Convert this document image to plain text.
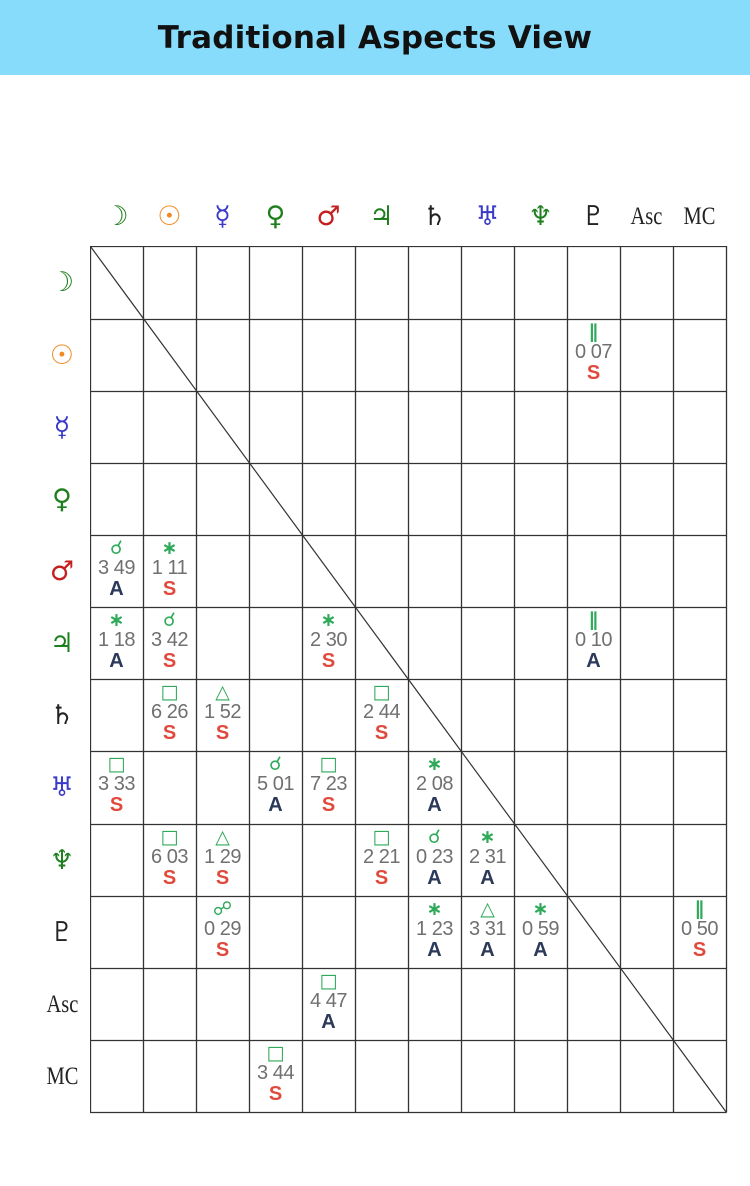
Traditional Aspects View
☽ ☉ ☿ ♀ ♂ ♃ ♄ ♅ ♆ ♇ Asc MC
☽
☉
☿
♀
♂
♃
♄
♅
♆
♇
Asc
MC
∥
0 07
S
☌
3 49
A
∗
1 11
S
∗
1 18
A
☌
3 42
S
∗
2 30
S
∥
0 10
A
□
6 26
S
△
1 52
S
□
2 44
S
□
3 33
S
☌
5 01
A
□
7 23
S
∗
2 08
A
□
6 03
S
△
1 29
S
□
2 21
S
☌
0 23
A
∗
2 31
A
☍
0 29
S
∗
1 23
A
△
3 31
A
∗
0 59
A
∥
0 50
S
□
4 47
A
□
3 44
S
